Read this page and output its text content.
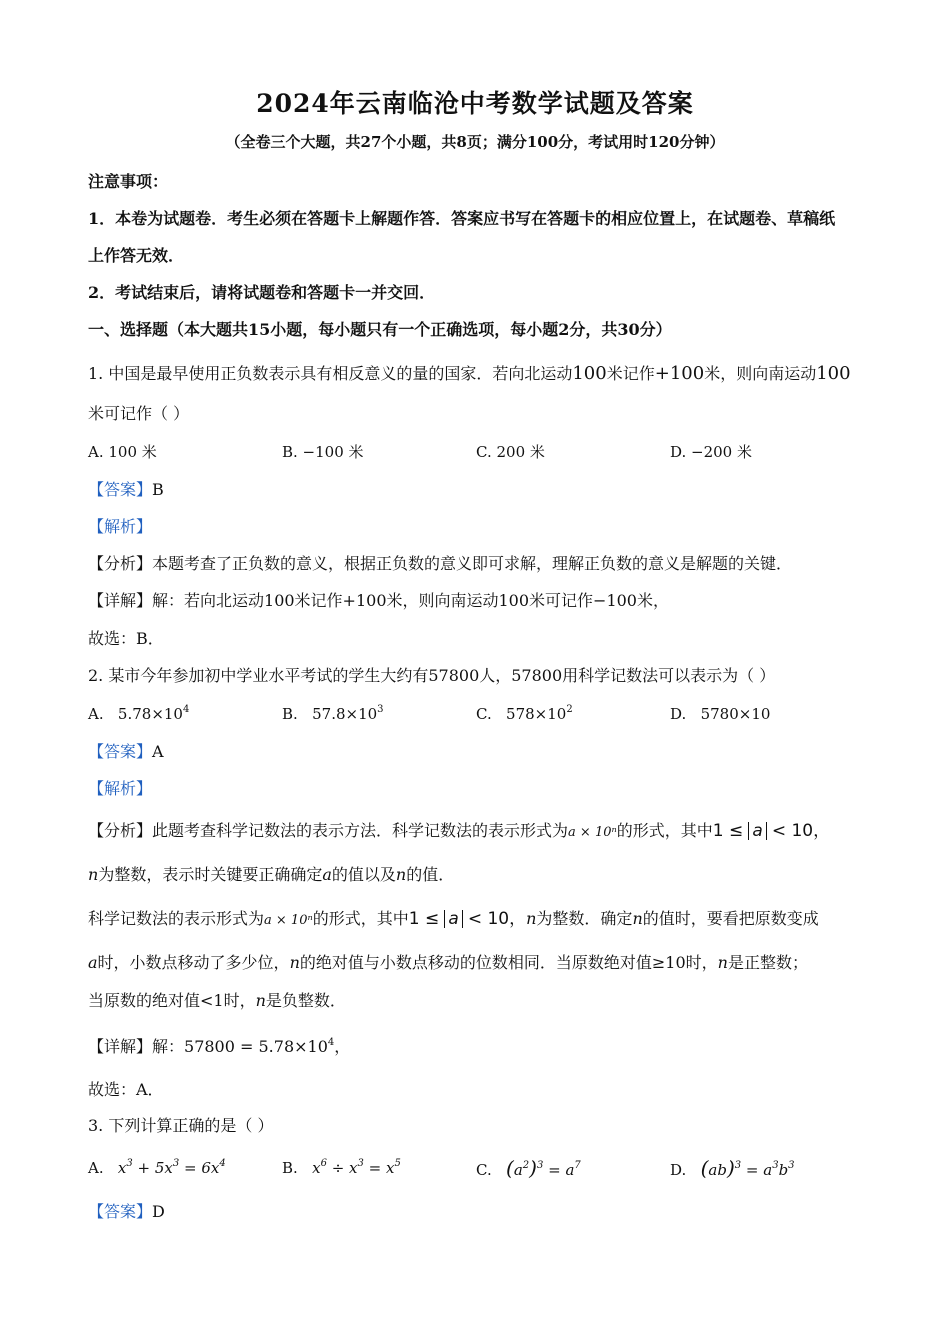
2024年云南临沧中考数学试题及答案
（全卷三个大题，共27个小题，共8页；满分100分，考试用时120分钟）
注意事项：
1．本卷为试题卷．考生必须在答题卡上解题作答．答案应书写在答题卡的相应位置上，在试题卷、草稿纸
上作答无效．
2．考试结束后，请将试题卷和答题卡一并交回．
一、选择题（本大题共15小题，每小题只有一个正确选项，每小题2分，共30分）
1. 中国是最早使用正负数表示具有相反意义的量的国家．若向北运动100米记作+100米，则向南运动100
米可记作（ ）
A. 100 米	B. −100 米	C. 200 米	D. −200 米
【答案】B
【解析】
【分析】本题考查了正负数的意义，根据正负数的意义即可求解，理解正负数的意义是解题的关键．
【详解】解：若向北运动100米记作+100米，则向南运动100米可记作−100米，
故选：B．
2. 某市今年参加初中学业水平考试的学生大约有57800人，57800用科学记数法可以表示为（ ）
A. $5.78\times 10^4$	B. $57.8\times 10^3$	C. $578\times 10^2$	D. 5780×10
【答案】A
【解析】
【分析】此题考查科学记数法的表示方法．科学记数法的表示形式为a × 10ⁿ的形式，其中1 ≤ a < 10，
n为整数，表示时关键要正确确定a的值以及n的值．
科学记数法的表示形式为a × 10ⁿ的形式，其中1 ≤ a < 10，n为整数．确定n的值时，要看把原数变成
a时，小数点移动了多少位，n的绝对值与小数点移动的位数相同．当原数绝对值≥10时，n是正整数；
当原数的绝对值<1时，n是负整数．
【详解】解：$57800 = 5.78\times 10^4$，
故选：A．
3. 下列计算正确的是（ ）
A. $x^3 + 5x^3 = 6x^4$	B. $x^6 \div x^3 = x^5$	C. $(a^2)^3 = a^7$	D. $(ab)^3 = a^3b^3$
【答案】D
